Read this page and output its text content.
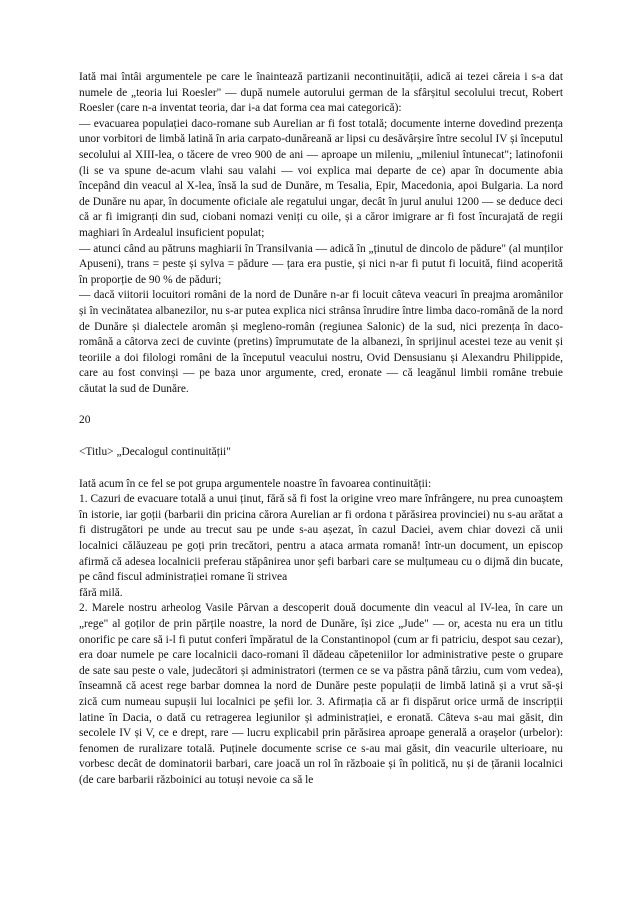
Iată mai întâi argumentele pe care le înaintează partizanii necontinuității, adică ai tezei căreia i s-a dat numele de „teoria lui Roesler" — după numele autorului german de la sfârșitul secolului trecut, Robert Roesler (care n-a inventat teoria, dar i-a dat forma cea mai categorică):

— evacuarea populației daco-romane sub Aurelian ar fi fost totală; documente interne dovedind prezența unor vorbitori de limbă latină în aria carpato-dunăreană ar lipsi cu desăvârșire între secolul IV și începutul secolului al XIII-lea, o tăcere de vreo 900 de ani — aproape un mileniu, „mileniul întunecat"; latinofonii (li se va spune de-acum vlahi sau valahi — voi explica mai departe de ce) apar în documente abia începând din veacul al X-lea, însă la sud de Dunăre, m Tesalia, Epir, Macedonia, apoi Bulgaria. La nord de Dunăre nu apar, în documente oficiale ale regatului ungar, decât în jurul anului 1200 — se deduce deci că ar fi imigranți din sud, ciobani nomazi veniți cu oile, și a căror imigrare ar fi fost încurajată de regii maghiari în Ardealul insuficient populat;

— atunci când au pătruns maghiarii în Transilvania — adică în „ținutul de dincolo de pădure" (al munților Apuseni), trans = peste și sylva = pădure — țara era pustie, și nici n-ar fi putut fi locuită, fiind acoperită în proporție de 90 % de păduri;

— dacă viitorii locuitori români de la nord de Dunăre n-ar fi locuit câteva veacuri în preajma aromânilor și în vecinătatea albanezilor, nu s-ar putea explica nici strânsa înrudire între limba daco-română de la nord de Dunăre și dialectele aromân și megleno-român (regiunea Salonic) de la sud, nici prezența în daco-română a câtorva zeci de cuvinte (pretins) împrumutate de la albanezi, în sprijinul acestei teze au venit și teoriile a doi filologi români de la începutul veacului nostru, Ovid Densusianu și Alexandru Philippide, care au fost convinși — pe baza unor argumente, cred, eronate — că leagănul limbii române trebuie căutat la sud de Dunăre.

20

<Titlu> „Decalogul continuității"

Iată acum în ce fel se pot grupa argumentele noastre în favoarea continuității:

1. Cazuri de evacuare totală a unui ținut, fără să fi fost la origine vreo mare înfrângere, nu prea cunoaștem în istorie, iar goții (barbarii din pricina cărora Aurelian ar fi ordona t părăsirea provinciei) nu s-au arătat a fi distrugători pe unde au trecut sau pe unde s-au așezat, în cazul Daciei, avem chiar dovezi că unii localnici călăuzeau pe goți prin trecători, pentru a ataca armata romană! într-un document, un episcop afirmă că adesea localnicii preferau stăpânirea unor șefi barbari care se mulțumeau cu o dijmă din bucate, pe când fiscul administrației romane îi strivea

fără milă.

2. Marele nostru arheolog Vasile Pârvan a descoperit două documente din veacul al IV-lea, în care un „rege" al goților de prin părțile noastre, la nord de Dunăre, își zice „Jude" — or, acesta nu era un titlu onorific pe care să i-l fi putut conferi împăratul de la Constantinopol (cum ar fi patriciu, despot sau cezar), era doar numele pe care localnicii daco-romani îl dădeau căpeteniilor lor administrative peste o grupare de sate sau peste o vale, judecători și administratori (termen ce se va păstra până târziu, cum vom vedea), înseamnă că acest rege barbar domnea la nord de Dunăre peste populații de limbă latină și a vrut să-și zică cum numeau supușii lui localnici pe șefii lor. 3. Afirmația că ar fi dispărut orice urmă de inscripții latine în Dacia, o dată cu retragerea legiunilor și administrației, e eronată. Câteva s-au mai găsit, din secolele IV și V, ce e drept, rare — lucru explicabil prin părăsirea aproape generală a orașelor (urbelor): fenomen de ruralizare totală. Puținele documente scrise ce s-au mai găsit, din veacurile ulterioare, nu vorbesc decât de dominatorii barbari, care joacă un rol în războaie și în politică, nu și de țăranii localnici (de care barbarii războinici au totuși nevoie ca să le
